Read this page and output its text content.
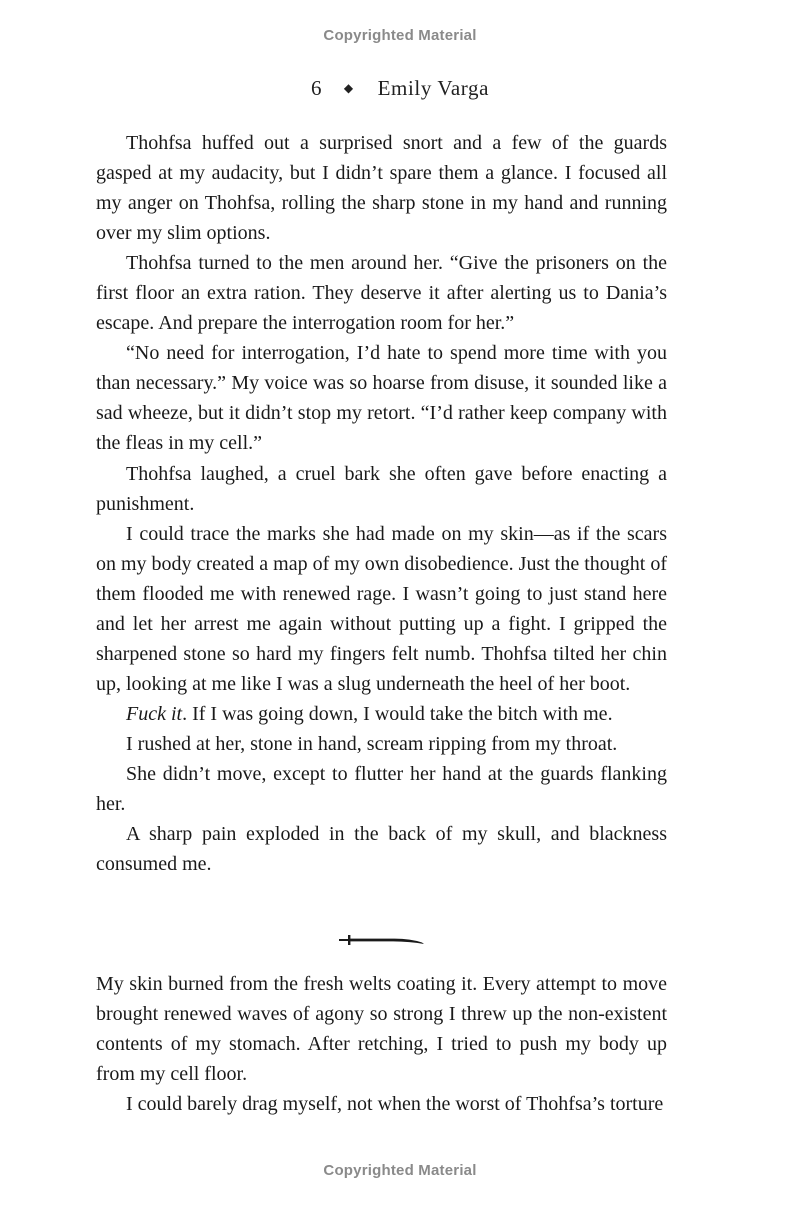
Copyrighted Material
6 ◆ Emily Varga

Thohfsa huffed out a surprised snort and a few of the guards gasped at my audacity, but I didn’t spare them a glance. I focused all my anger on Thohfsa, rolling the sharp stone in my hand and running over my slim options.

Thohfsa turned to the men around her. “Give the prisoners on the first floor an extra ration. They deserve it after alerting us to Dania’s escape. And prepare the interrogation room for her.”

“No need for interrogation, I’d hate to spend more time with you than necessary.” My voice was so hoarse from disuse, it sounded like a sad wheeze, but it didn’t stop my retort. “I’d rather keep company with the fleas in my cell.”

Thohfsa laughed, a cruel bark she often gave before enacting a punishment.

I could trace the marks she had made on my skin—as if the scars on my body created a map of my own disobedience. Just the thought of them flooded me with renewed rage. I wasn’t going to just stand here and let her arrest me again without putting up a fight. I gripped the sharpened stone so hard my fingers felt numb. Thohfsa tilted her chin up, looking at me like I was a slug underneath the heel of her boot.

Fuck it. If I was going down, I would take the bitch with me.

I rushed at her, stone in hand, scream ripping from my throat.

She didn’t move, except to flutter her hand at the guards flanking her.

A sharp pain exploded in the back of my skull, and blackness consumed me.

My skin burned from the fresh welts coating it. Every attempt to move brought renewed waves of agony so strong I threw up the non-existent contents of my stomach. After retching, I tried to push my body up from my cell floor.

I could barely drag myself, not when the worst of Thohfsa’s torture

Copyrighted Material
